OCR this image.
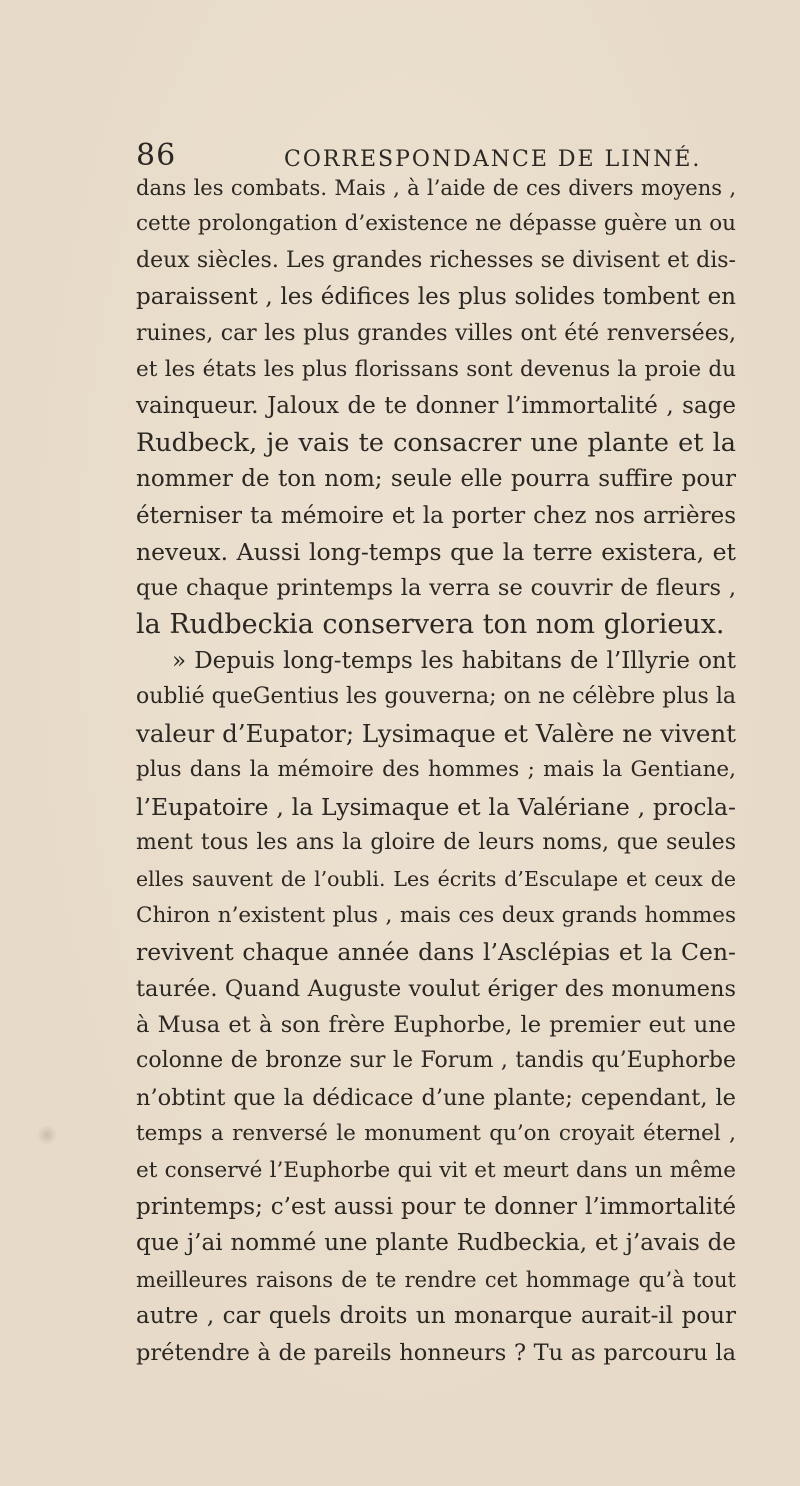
86	CORRESPONDANCE DE LINNÉ.
dans les combats. Mais , à l’aide de ces divers moyens ,
cette prolongation d’existence ne dépasse guère un ou
deux siècles. Les grandes richesses se divisent et dis-
paraissent , les édifices les plus solides tombent en
ruines, car les plus grandes villes ont été renversées,
et les états les plus florissans sont devenus la proie du
vainqueur. Jaloux de te donner l’immortalité , sage
Rudbeck, je vais te consacrer une plante et la
nommer de ton nom; seule elle pourra suffire pour
éterniser ta mémoire et la porter chez nos arrières
neveux. Aussi long-temps que la terre existera, et
que chaque printemps la verra se couvrir de fleurs ,
la Rudbeckia conservera ton nom glorieux.
» Depuis long-temps les habitans de l’Illyrie ont
oublié queGentius les gouverna; on ne célèbre plus la
valeur d’Eupator; Lysimaque et Valère ne vivent
plus dans la mémoire des hommes ; mais la Gentiane,
l’Eupatoire , la Lysimaque et la Valériane , procla-
ment tous les ans la gloire de leurs noms, que seules
elles sauvent de l’oubli. Les écrits d’Esculape et ceux de
Chiron n’existent plus , mais ces deux grands hommes
revivent chaque année dans l’Asclépias et la Cen-
taurée. Quand Auguste voulut ériger des monumens
à Musa et à son frère Euphorbe, le premier eut une
colonne de bronze sur le Forum , tandis qu’Euphorbe
n’obtint que la dédicace d’une plante; cependant, le
temps a renversé le monument qu’on croyait éternel ,
et conservé l’Euphorbe qui vit et meurt dans un même
printemps; c’est aussi pour te donner l’immortalité
que j’ai nommé une plante Rudbeckia, et j’avais de
meilleures raisons de te rendre cet hommage qu’à tout
autre , car quels droits un monarque aurait-il pour
prétendre à de pareils honneurs ? Tu as parcouru la
